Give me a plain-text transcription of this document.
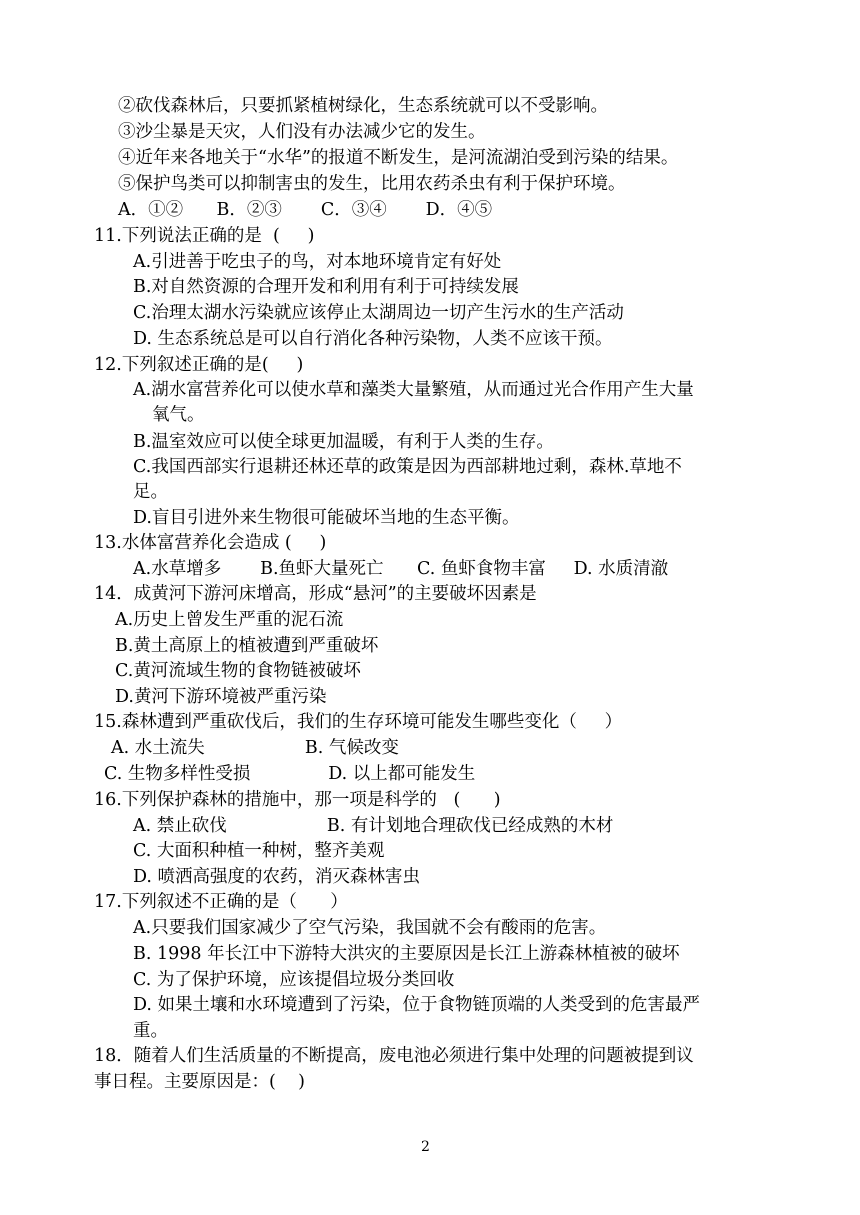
②砍伐森林后，只要抓紧植树绿化，生态系统就可以不受影响。
③沙尘暴是天灾，人们没有办法减少它的发生。
④近年来各地关于“水华”的报道不断发生，是河流湖泊受到污染的结果。
⑤保护鸟类可以抑制害虫的发生，比用农药杀虫有利于保护环境。
A．①②      B．②③       C．③④       D．④⑤
11.下列说法正确的是  (     )
A.引进善于吃虫子的鸟，对本地环境肯定有好处
B.对自然资源的合理开发和利用有利于可持续发展
C.治理太湖水污染就应该停止太湖周边一切产生污水的生产活动
D. 生态系统总是可以自行消化各种污染物，人类不应该干预。
12.下列叙述正确的是(     )
A.湖水富营养化可以使水草和藻类大量繁殖，从而通过光合作用产生大量
氧气。
B.温室效应可以使全球更加温暖，有利于人类的生存。
C.我国西部实行退耕还林还草的政策是因为西部耕地过剩，森林.草地不
足。
D.盲目引进外来生物很可能破坏当地的生态平衡。
13.水体富营养化会造成 (     )
A.水草增多       B.鱼虾大量死亡      C. 鱼虾食物丰富     D. 水质清澈
14．成黄河下游河床增高，形成“悬河”的主要破坏因素是
A.历史上曾发生严重的泥石流
B.黄土高原上的植被遭到严重破坏
C.黄河流域生物的食物链被破坏
D.黄河下游环境被严重污染
15.森林遭到严重砍伐后，我们的生存环境可能发生哪些变化（     ）
A. 水土流失                  B. 气候改变
C. 生物多样性受损              D. 以上都可能发生
16.下列保护森林的措施中，那一项是科学的   (      )
A. 禁止砍伐                  B. 有计划地合理砍伐已经成熟的木材
C. 大面积种植一种树，整齐美观
D. 喷洒高强度的农药，消灭森林害虫
17.下列叙述不正确的是（      ）
A.只要我们国家减少了空气污染，我国就不会有酸雨的危害。
B. 1998 年长江中下游特大洪灾的主要原因是长江上游森林植被的破坏
C. 为了保护环境，应该提倡垃圾分类回收
D. 如果土壤和水环境遭到了污染，位于食物链顶端的人类受到的危害最严
重。
18．随着人们生活质量的不断提高，废电池必须进行集中处理的问题被提到议
事日程。主要原因是：(    )
2
